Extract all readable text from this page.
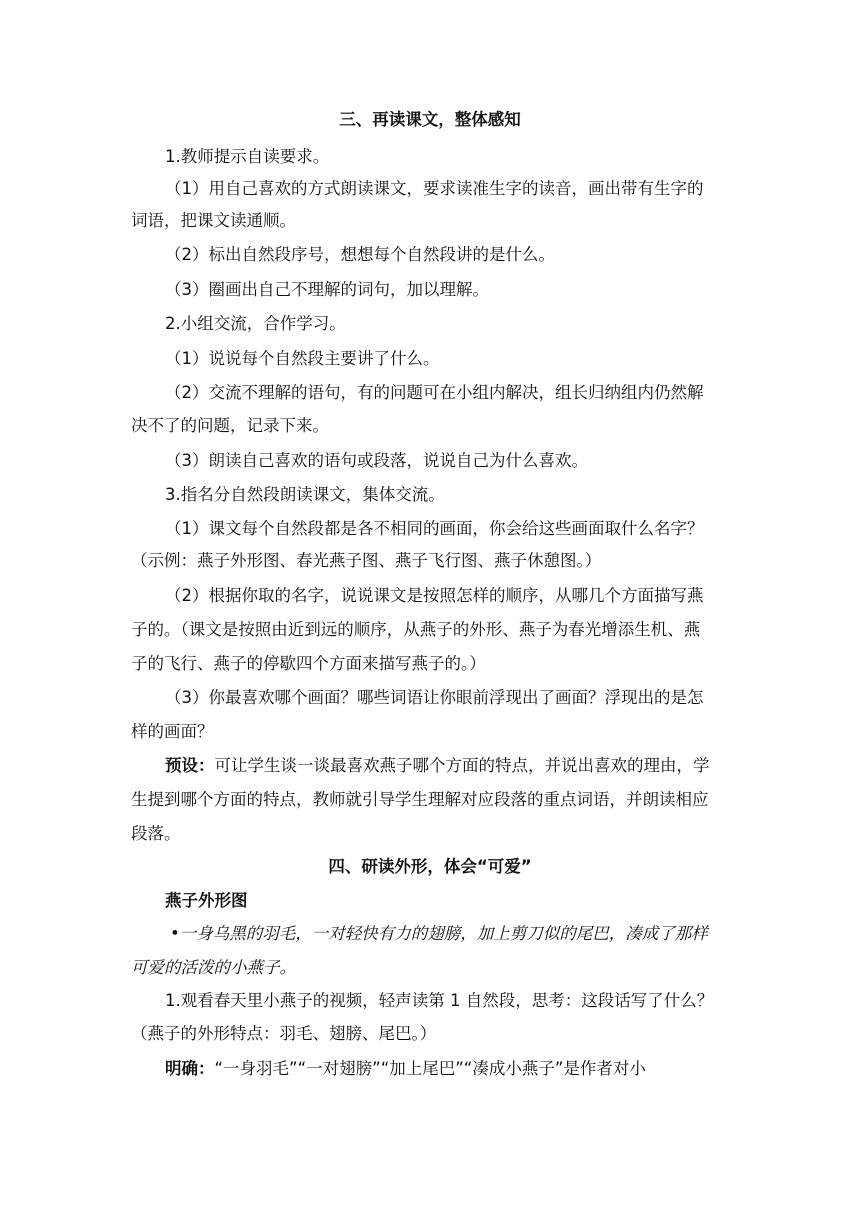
三、再读课文，整体感知
1.教师提示自读要求。
（1）用自己喜欢的方式朗读课文，要求读准生字的读音，画出带有生字的
词语，把课文读通顺。
（2）标出自然段序号，想想每个自然段讲的是什么。
（3）圈画出自己不理解的词句，加以理解。
2.小组交流，合作学习。
（1）说说每个自然段主要讲了什么。
（2）交流不理解的语句，有的问题可在小组内解决，组长归纳组内仍然解
决不了的问题，记录下来。
（3）朗读自己喜欢的语句或段落，说说自己为什么喜欢。
3.指名分自然段朗读课文，集体交流。
（1）课文每个自然段都是各不相同的画面，你会给这些画面取什么名字？
（示例：燕子外形图、春光燕子图、燕子飞行图、燕子休憩图。）
（2）根据你取的名字，说说课文是按照怎样的顺序，从哪几个方面描写燕
子的。（课文是按照由近到远的顺序，从燕子的外形、燕子为春光增添生机、燕
子的飞行、燕子的停歇四个方面来描写燕子的。）
（3）你最喜欢哪个画面？哪些词语让你眼前浮现出了画面？浮现出的是怎
样的画面？
预设：可让学生谈一谈最喜欢燕子哪个方面的特点，并说出喜欢的理由，学
生提到哪个方面的特点，教师就引导学生理解对应段落的重点词语，并朗读相应
段落。
四、研读外形，体会“可爱”
燕子外形图
•一身乌黑的羽毛，一对轻快有力的翅膀，加上剪刀似的尾巴，凑成了那样
可爱的活泼的小燕子。
1.观看春天里小燕子的视频，轻声读第 1 自然段，思考：这段话写了什么？
（燕子的外形特点：羽毛、翅膀、尾巴。）
明确：“一身羽毛”“一对翅膀”“加上尾巴”“凑成小燕子”是作者对小
